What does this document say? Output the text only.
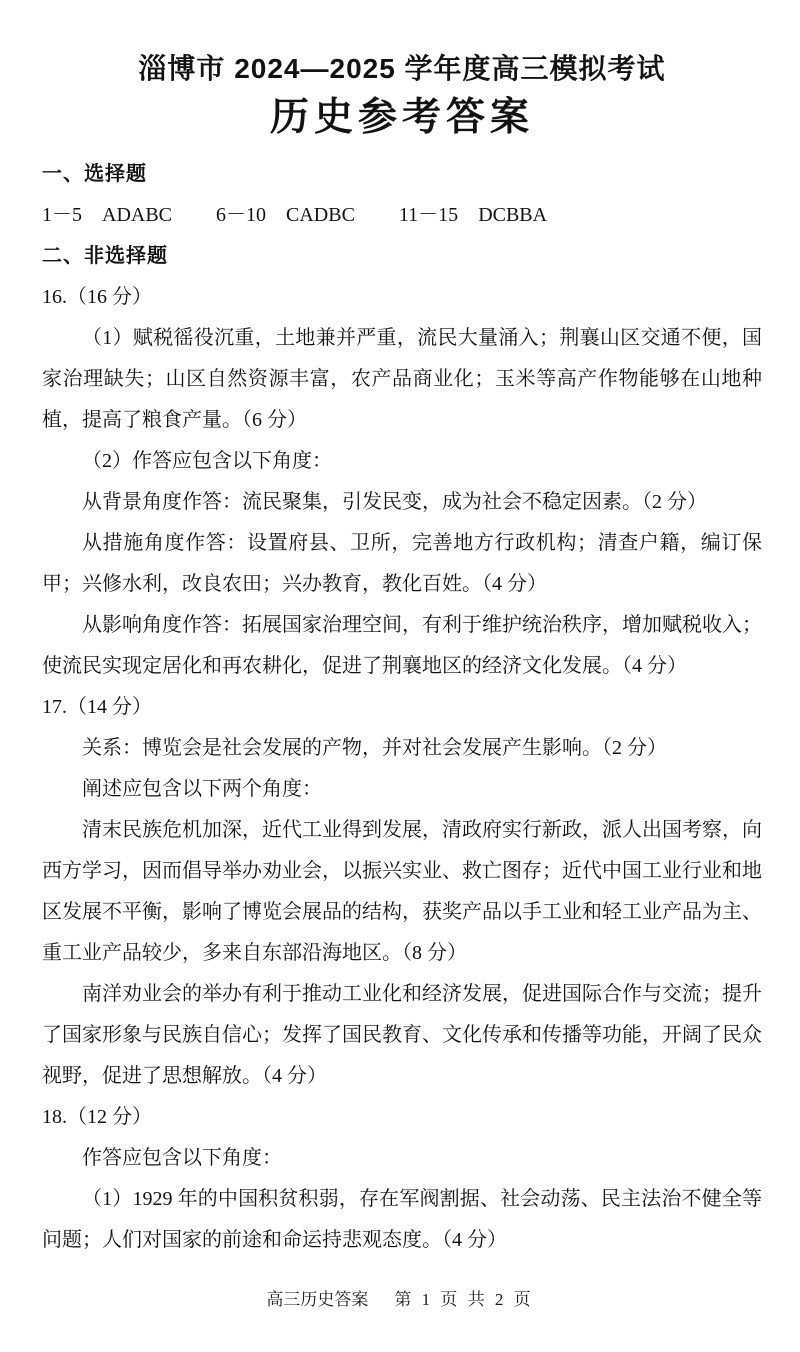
淄博市 2024—2025 学年度高三模拟考试
历史参考答案
一、选择题
1－5 ADABC 6－10 CADBC 11－15 DCBBA
二、非选择题
16.（16 分）

（1）赋税徭役沉重，土地兼并严重，流民大量涌入；荆襄山区交通不便，国家治理缺失；山区自然资源丰富，农产品商业化；玉米等高产作物能够在山地种植，提高了粮食产量。（6 分）

（2）作答应包含以下角度：

从背景角度作答：流民聚集，引发民变，成为社会不稳定因素。（2 分）

从措施角度作答：设置府县、卫所，完善地方行政机构；清查户籍，编订保甲；兴修水利，改良农田；兴办教育，教化百姓。（4 分）

从影响角度作答：拓展国家治理空间，有利于维护统治秩序，增加赋税收入；使流民实现定居化和再农耕化，促进了荆襄地区的经济文化发展。（4 分）

17.（14 分）

关系：博览会是社会发展的产物，并对社会发展产生影响。（2 分）

阐述应包含以下两个角度：

清末民族危机加深，近代工业得到发展，清政府实行新政，派人出国考察，向西方学习，因而倡导举办劝业会，以振兴实业、救亡图存；近代中国工业行业和地区发展不平衡，影响了博览会展品的结构，获奖产品以手工业和轻工业产品为主、重工业产品较少，多来自东部沿海地区。（8 分）

南洋劝业会的举办有利于推动工业化和经济发展，促进国际合作与交流；提升了国家形象与民族自信心；发挥了国民教育、文化传承和传播等功能，开阔了民众视野，促进了思想解放。（4 分）

18.（12 分）

作答应包含以下角度：

（1）1929 年的中国积贫积弱，存在军阀割据、社会动荡、民主法治不健全等问题；人们对国家的前途和命运持悲观态度。（4 分）

高三历史答案 第 1 页 共 2 页
